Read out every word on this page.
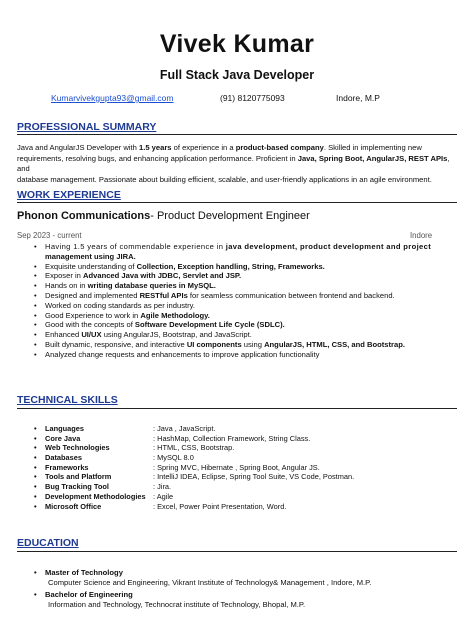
Vivek Kumar
Full Stack Java Developer
Kumarvivekgupta93@gmail.com	(91) 8120775093	Indore, M.P
PROFESSIONAL SUMMARY
Java and AngularJS Developer with 1.5 years of experience in a product-based company. Skilled in implementing new
requirements, resolving bugs, and enhancing application performance. Proficient in Java, Spring Boot, AngularJS, REST APIs, and
database management. Passionate about building efficient, scalable, and user-friendly applications in an agile environment.
WORK EXPERIENCE
Phonon Communications- Product Development Engineer
Sep 2023 - current	Indore
• Having 1.5 years of commendable experience in java development, product development and project
management using JIRA.
• Exquisite understanding of Collection, Exception handling, String, Frameworks.
• Exposer in Advanced Java with JDBC, Servlet and JSP.
• Hands on in writing database queries in MySQL.
• Designed and implemented RESTful APIs for seamless communication between frontend and backend.
• Worked on coding standards as per industry.
• Good Experience to work in Agile Methodology.
• Good with the concepts of Software Development Life Cycle (SDLC).
• Enhanced UI/UX using AngularJS, Bootstrap, and JavaScript.
• Built dynamic, responsive, and interactive UI components using AngularJS, HTML, CSS, and Bootstrap.
• Analyzed change requests and enhancements to improve application functionality
TECHNICAL SKILLS
• Languages	: Java , JavaScript.
• Core Java	: HashMap, Collection Framework, String Class.
• Web Technologies	: HTML, CSS, Bootstrap.
• Databases	: MySQL 8.0
• Frameworks	: Spring MVC, Hibernate , Spring Boot, Angular JS.
• Tools and Platform	: IntelliJ IDEA, Eclipse, Spring Tool Suite, VS Code, Postman.
• Bug Tracking Tool	: Jira.
• Development Methodologies	: Agile
• Microsoft Office	: Excel, Power Point Presentation, Word.
EDUCATION
• Master of Technology
Computer Science and Engineering, Vikrant Institute of Technology& Management , Indore, M.P.
• Bachelor of Engineering
Information and Technology, Technocrat institute of Technology, Bhopal, M.P.
